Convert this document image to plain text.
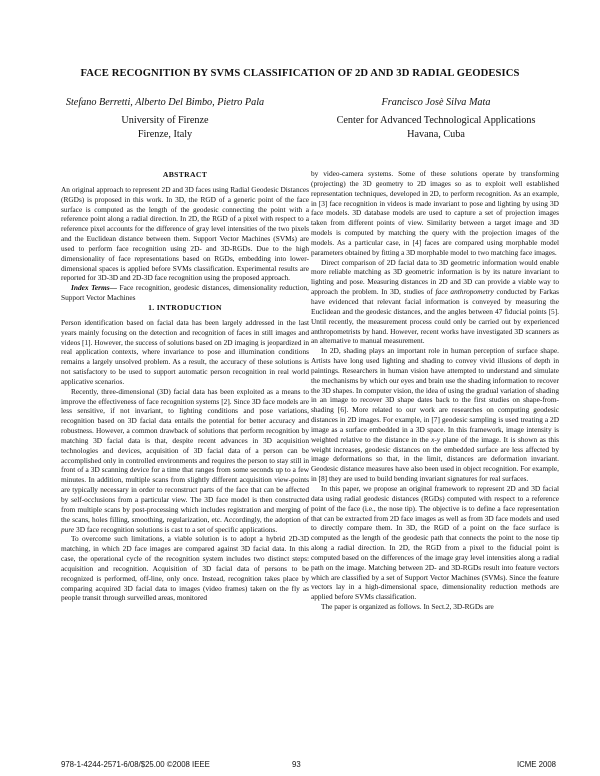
FACE RECOGNITION BY SVMS CLASSIFICATION OF 2D AND 3D RADIAL GEODESICS
Stefano Berretti, Alberto Del Bimbo, Pietro Pala
University of Firenze
Firenze, Italy
Francisco Josè Silva Mata
Center for Advanced Technological Applications
Havana, Cuba
ABSTRACT

An original approach to represent 2D and 3D faces using Radial Geodesic Distances (RGDs) is proposed in this work. In 3D, the RGD of a generic point of the face surface is computed as the length of the geodesic connecting the point with a reference point along a radial direction. In 2D, the RGD of a pixel with respect to a reference pixel accounts for the difference of gray level intensities of the two pixels and the Euclidean distance between them. Support Vector Machines (SVMs) are used to perform face recognition using 2D- and 3D-RGDs. Due to the high dimensionality of face representations based on RGDs, embedding into lower-dimensional spaces is applied before SVMs classification. Experimental results are reported for 3D-3D and 2D-3D face recognition using the proposed approach.

Index Terms— Face recognition, geodesic distances, dimensionality reduction, Support Vector Machines

1. INTRODUCTION

Person identification based on facial data has been largely addressed in the last years mainly focusing on the detection and recognition of faces in still images and videos [1]. However, the success of solutions based on 2D imaging is jeopardized in real application contexts, where invariance to pose and illumination conditions remains a largely unsolved problem. As a result, the accuracy of these solutions is not satisfactory to be used to support automatic person recognition in real world applicative scenarios.

Recently, three-dimensional (3D) facial data has been exploited as a means to improve the effectiveness of face recognition systems [2]. Since 3D face models are less sensitive, if not invariant, to lighting conditions and pose variations, recognition based on 3D facial data entails the potential for better accuracy and robustness. However, a common drawback of solutions that perform recognition by matching 3D facial data is that, despite recent advances in 3D acquisition technologies and devices, acquisition of 3D facial data of a person can be accomplished only in controlled environments and requires the person to stay still in front of a 3D scanning device for a time that ranges from some seconds up to a few minutes. In addition, multiple scans from slightly different acquisition view-points are typically necessary in order to reconstruct parts of the face that can be affected by self-occlusions from a particular view. The 3D face model is then constructed from multiple scans by post-processing which includes registration and merging of the scans, holes filling, smoothing, regularization, etc. Accordingly, the adoption of pure 3D face recognition solutions is cast to a set of specific applications.

To overcome such limitations, a viable solution is to adopt a hybrid 2D-3D matching, in which 2D face images are compared against 3D facial data. In this case, the operational cycle of the recognition system includes two distinct steps: acquisition and recognition. Acquisition of 3D facial data of persons to be recognized is performed, off-line, only once. Instead, recognition takes place by comparing acquired 3D facial data to images (video frames) taken on the fly as people transit through surveilled areas, monitored

by video-camera systems. Some of these solutions operate by transforming (projecting) the 3D geometry to 2D images so as to exploit well established representation techniques, developed in 2D, to perform recognition. As an example, in [3] face recognition in videos is made invariant to pose and lighting by using 3D face models. 3D database models are used to capture a set of projection images taken from different points of view. Similarity between a target image and 3D models is computed by matching the query with the projection images of the models. As a particular case, in [4] faces are compared using morphable model parameters obtained by fitting a 3D morphable model to two matching face images.

Direct comparison of 2D facial data to 3D geometric information would enable more reliable matching as 3D geometric information is by its nature invariant to lighting and pose. Measuring distances in 2D and 3D can provide a viable way to approach the problem. In 3D, studies of face anthropometry conducted by Farkas have evidenced that relevant facial information is conveyed by measuring the Euclidean and the geodesic distances, and the angles between 47 fiducial points [5]. Until recently, the measurement process could only be carried out by experienced anthropometrists by hand. However, recent works have investigated 3D scanners as an alternative to manual measurement.

In 2D, shading plays an important role in human perception of surface shape. Artists have long used lighting and shading to convey vivid illusions of depth in paintings. Researchers in human vision have attempted to understand and simulate the mechanisms by which our eyes and brain use the shading information to recover the 3D shapes. In computer vision, the idea of using the gradual variation of shading in an image to recover 3D shape dates back to the first studies on shape-from-shading [6]. More related to our work are researches on computing geodesic distances in 2D images. For example, in [7] geodesic sampling is used treating a 2D image as a surface embedded in a 3D space. In this framework, image intensity is weighted relative to the distance in the x-y plane of the image. It is shown as this weight increases, geodesic distances on the embedded surface are less affected by image deformations so that, in the limit, distances are deformation invariant. Geodesic distance measures have also been used in object recognition. For example, in [8] they are used to build bending invariant signatures for real surfaces.

In this paper, we propose an original framework to represent 2D and 3D facial data using radial geodesic distances (RGDs) computed with respect to a reference point of the face (i.e., the nose tip). The objective is to define a face representation that can be extracted from 2D face images as well as from 3D face models and used to directly compare them. In 3D, the RGD of a point on the face surface is computed as the length of the geodesic path that connects the point to the nose tip along a radial direction. In 2D, the RGD from a pixel to the fiducial point is computed based on the differences of the image gray level intensities along a radial path on the image. Matching between 2D- and 3D-RGDs result into feature vectors which are classified by a set of Support Vector Machines (SVMs). Since the feature vectors lay in a high-dimensional space, dimensionality reduction methods are applied before SVMs classification.

The paper is organized as follows. In Sect.2, 3D-RGDs are

978-1-4244-2571-6/08/$25.00 ©2008 IEEE	93	ICME 2008
